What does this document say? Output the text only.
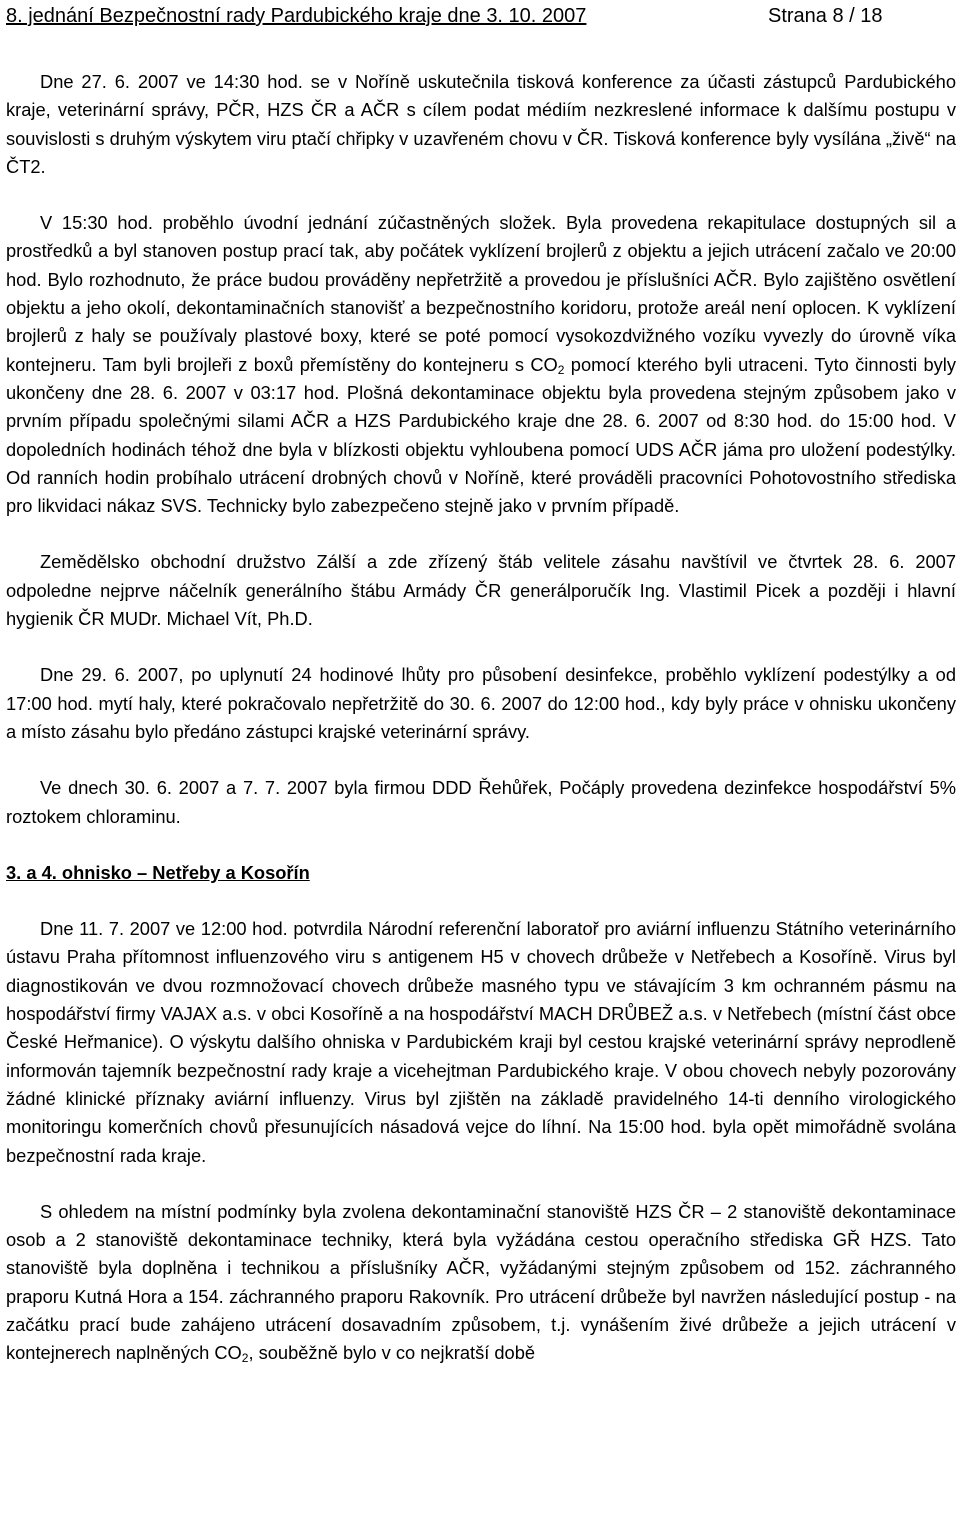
8. jednání Bezpečnostní rady Pardubického kraje dne 3. 10. 2007	Strana 8 / 18

Dne 27. 6. 2007 ve 14:30 hod. se v Noříně uskutečnila tisková konference za účasti zástupců Pardubického kraje, veterinární správy, PČR, HZS ČR a AČR s cílem podat médiím nezkreslené informace k dalšímu postupu v souvislosti s druhým výskytem viru ptačí chřipky v uzavřeném chovu v ČR. Tisková konference byly vysílána „živě“ na ČT2.

V 15:30 hod. proběhlo úvodní jednání zúčastněných složek. Byla provedena rekapitulace dostupných sil a prostředků a byl stanoven postup prací tak, aby počátek vyklízení brojlerů z objektu a jejich utrácení začalo ve 20:00 hod. Bylo rozhodnuto, že práce budou prováděny nepřetržitě a provedou je příslušníci AČR. Bylo zajištěno osvětlení objektu a jeho okolí, dekontaminačních stanovišť a bezpečnostního koridoru, protože areál není oplocen. K vyklízení brojlerů z haly se používaly plastové boxy, které se poté pomocí vysokozdvižného vozíku vyvezly do úrovně víka kontejneru. Tam byli brojleři z boxů přemístěny do kontejneru s $CO_2$ pomocí kterého byli utraceni. Tyto činnosti byly ukončeny dne 28. 6. 2007 v 03:17 hod. Plošná dekontaminace objektu byla provedena stejným způsobem jako v prvním případu společnými silami AČR a HZS Pardubického kraje dne 28. 6. 2007 od 8:30 hod. do 15:00 hod. V dopoledních hodinách téhož dne byla v blízkosti objektu vyhloubena pomocí UDS AČR jáma pro uložení podestýlky. Od ranních hodin probíhalo utrácení drobných chovů v Noříně, které prováděli pracovníci Pohotovostního střediska pro likvidaci nákaz SVS. Technicky bylo zabezpečeno stejně jako v prvním případě.

Zemědělsko obchodní družstvo Zálší a zde zřízený štáb velitele zásahu navštívil ve čtvrtek 28. 6. 2007 odpoledne nejprve náčelník generálního štábu Armády ČR generálporučík Ing. Vlastimil Picek a později i hlavní hygienik ČR MUDr. Michael Vít, Ph.D.

Dne 29. 6. 2007, po uplynutí 24 hodinové lhůty pro působení desinfekce, proběhlo vyklízení podestýlky a od 17:00 hod. mytí haly, které pokračovalo nepřetržitě do 30. 6. 2007 do 12:00 hod., kdy byly práce v ohnisku ukončeny a místo zásahu bylo předáno zástupci krajské veterinární správy.

Ve dnech 30. 6. 2007 a 7. 7. 2007 byla firmou DDD Řehůřek, Počáply provedena dezinfekce hospodářství 5% roztokem chloraminu.

3. a 4. ohnisko – Netřeby a Kosořín

Dne 11. 7. 2007 ve 12:00 hod. potvrdila Národní referenční laboratoř pro aviární influenzu Státního veterinárního ústavu Praha přítomnost influenzového viru s antigenem H5 v chovech drůbeže v Netřebech a Kosoříně. Virus byl diagnostikován ve dvou rozmnožovací chovech drůbeže masného typu ve stávajícím 3 km ochranném pásmu na hospodářství firmy VAJAX a.s. v obci Kosoříně a na hospodářství MACH DRŮBEŽ a.s. v Netřebech (místní část obce České Heřmanice). O výskytu dalšího ohniska v Pardubickém kraji byl cestou krajské veterinární správy neprodleně informován tajemník bezpečnostní rady kraje a vicehejtman Pardubického kraje. V obou chovech nebyly pozorovány žádné klinické příznaky aviární influenzy. Virus byl zjištěn na základě pravidelného 14-ti denního virologického monitoringu komerčních chovů přesunujících násadová vejce do líhní. Na 15:00 hod. byla opět mimořádně svolána bezpečnostní rada kraje.

S ohledem na místní podmínky byla zvolena dekontaminační stanoviště HZS ČR – 2 stanoviště dekontaminace osob a 2 stanoviště dekontaminace techniky, která byla vyžádána cestou operačního střediska GŘ HZS. Tato stanoviště byla doplněna i technikou a příslušníky AČR, vyžádanými stejným způsobem od 152. záchranného praporu Kutná Hora a 154. záchranného praporu Rakovník. Pro utrácení drůbeže byl navržen následující postup - na začátku prací bude zahájeno utrácení dosavadním způsobem, t.j. vynášením živé drůbeže a jejich utrácení v kontejnerech naplněných $CO_2$, souběžně bylo v co nejkratší době
